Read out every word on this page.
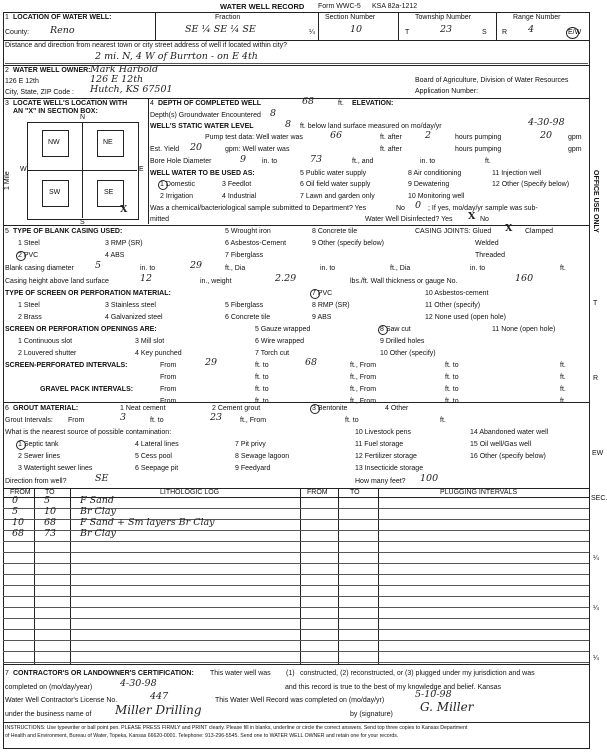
WATER WELL RECORD Form WWC-5 KSA 82a-1212
1 LOCATION OF WATER WELL:
County: Reno
Fraction
SE ¼ SE ¼ SE	¼
Section Number
10
Township Number
T	23	S
Range Number
R 4	E/W
Distance and direction from nearest town or city street address of well if located within city?
2 mi. N, 4 W of Burrton - on E 4th
2 WATER WELL OWNER: Mark Harbold
126 E 12th	126 E 12th
City, State, ZIP Code : Hutch, KS 67501
Board of Agriculture, Division of Water Resources
Application Number:
3 LOCATE WELL'S LOCATION WITH
AN "X" IN SECTION BOX:
N
S
W	E
NW	NE
SW	SE
X
1 Mile
4 DEPTH OF COMPLETED WELL	68	ft. ELEVATION:
Depth(s) Groundwater Encountered 8
WELL'S STATIC WATER LEVEL	8 ft. below land surface measured on mo/day/yr	4-30-98
Pump test data: Well water was	66	ft. after 2	hours pumping	20 gpm
Est. Yield 20	gpm: Well water was	ft. after	hours pumping	gpm
Bore Hole Diameter	9 in. to	73	ft., and	in. to	ft.
WELL WATER TO BE USED AS:
1 Domestic
2 Irrigation
3 Feedlot
4 Industrial
5 Public water supply
6 Oil field water supply
7 Lawn and garden only
8 Air conditioning
9 Dewatering
10 Monitoring well
11 Injection well
12 Other (Specify below)
Was a chemical/bacteriological sample submitted to Department? Yes	No 0 ; If yes, mo/day/yr sample was sub-
mitted	Water Well Disinfected? Yes X No
5 TYPE OF BLANK CASING USED:
1 Steel
2 PVC
3 RMP (SR)
4 ABS
5 Wrought iron
6 Asbestos-Cement
7 Fiberglass
8 Concrete tile
9 Other (specify below)
CASING JOINTS: Glued X Clamped
Welded
Threaded
Blank casing diameter 5	in. to	29	ft., Dia	in. to	ft., Dia	in. to	ft.
Casing height above land surface	12	in., weight	2.29	lbs./ft. Wall thickness or gauge No.	160
TYPE OF SCREEN OR PERFORATION MATERIAL:
1 Steel
2 Brass
3 Stainless steel
4 Galvanized steel
5 Fiberglass
6 Concrete tile
7 PVC
8 RMP (SR)
9 ABS
10 Asbestos-cement
11 Other (specify)
12 None used (open hole)
SCREEN OR PERFORATION OPENINGS ARE:
1 Continuous slot
2 Louvered shutter
3 Mill slot
4 Key punched
5 Gauze wrapped
6 Wire wrapped
7 Torch cut
8 Saw cut
9 Drilled holes
10 Other (specify)
11 None (open hole)
SCREEN-PERFORATED INTERVALS:	From	29	ft. to	68	ft., From	ft. to	ft.
From	ft. to	ft., From	ft. to	ft.
GRAVEL PACK INTERVALS:	From	ft. to	ft., From	ft. to	ft.
From	ft. to	ft., From	ft. to	ft.
6 GROUT MATERIAL:	1 Neat cement	2 Cement grout	3 Bentonite	4 Other
Grout Intervals: From	3	ft. to	23	ft., From	ft. to	ft.
What is the nearest source of possible contamination:
1 Septic tank
2 Sewer lines
3 Watertight sewer lines
4 Lateral lines
5 Cess pool
6 Seepage pit
7 Pit privy
8 Sewage lagoon
9 Feedyard
10 Livestock pens
11 Fuel storage
12 Fertilizer storage
13 Insecticide storage
14 Abandoned water well
15 Oil well/Gas well
16 Other (specify below)
Direction from well?	SE	How many feet? 100
FROM TO	LITHOLOGIC LOG	FROM	TO	PLUGGING INTERVALS
0	5	F Sand
5	10	Br Clay
10 68	F Sand + Sm layers Br Clay
68 73	Br Clay
7 CONTRACTOR'S OR LANDOWNER'S CERTIFICATION: This water well was (1) constructed, (2) reconstructed, or (3) plugged under my jurisdiction and was
completed on (mo/day/year)	4-30-98	and this record is true to the best of my knowledge and belief. Kansas
Water Well Contractor's License No.	447	This Water Well Record was completed on (mo/day/yr)
5-10-98
under the business name of Miller Drilling	by (signature)
G. Miller
INSTRUCTIONS: Use typewriter or ball point pen. PLEASE PRESS FIRMLY and PRINT clearly. Please fill in blanks, underline or circle the correct answers. Send top three copies to Kansas Department
of Health and Environment, Bureau of Water, Topeka, Kansas 66620-0001. Telephone: 913-296-5545. Send one to WATER WELL OWNER and retain one for your records.
OFFICE USE ONLY
T
R
EW
SEC.
¼
¼
¼
